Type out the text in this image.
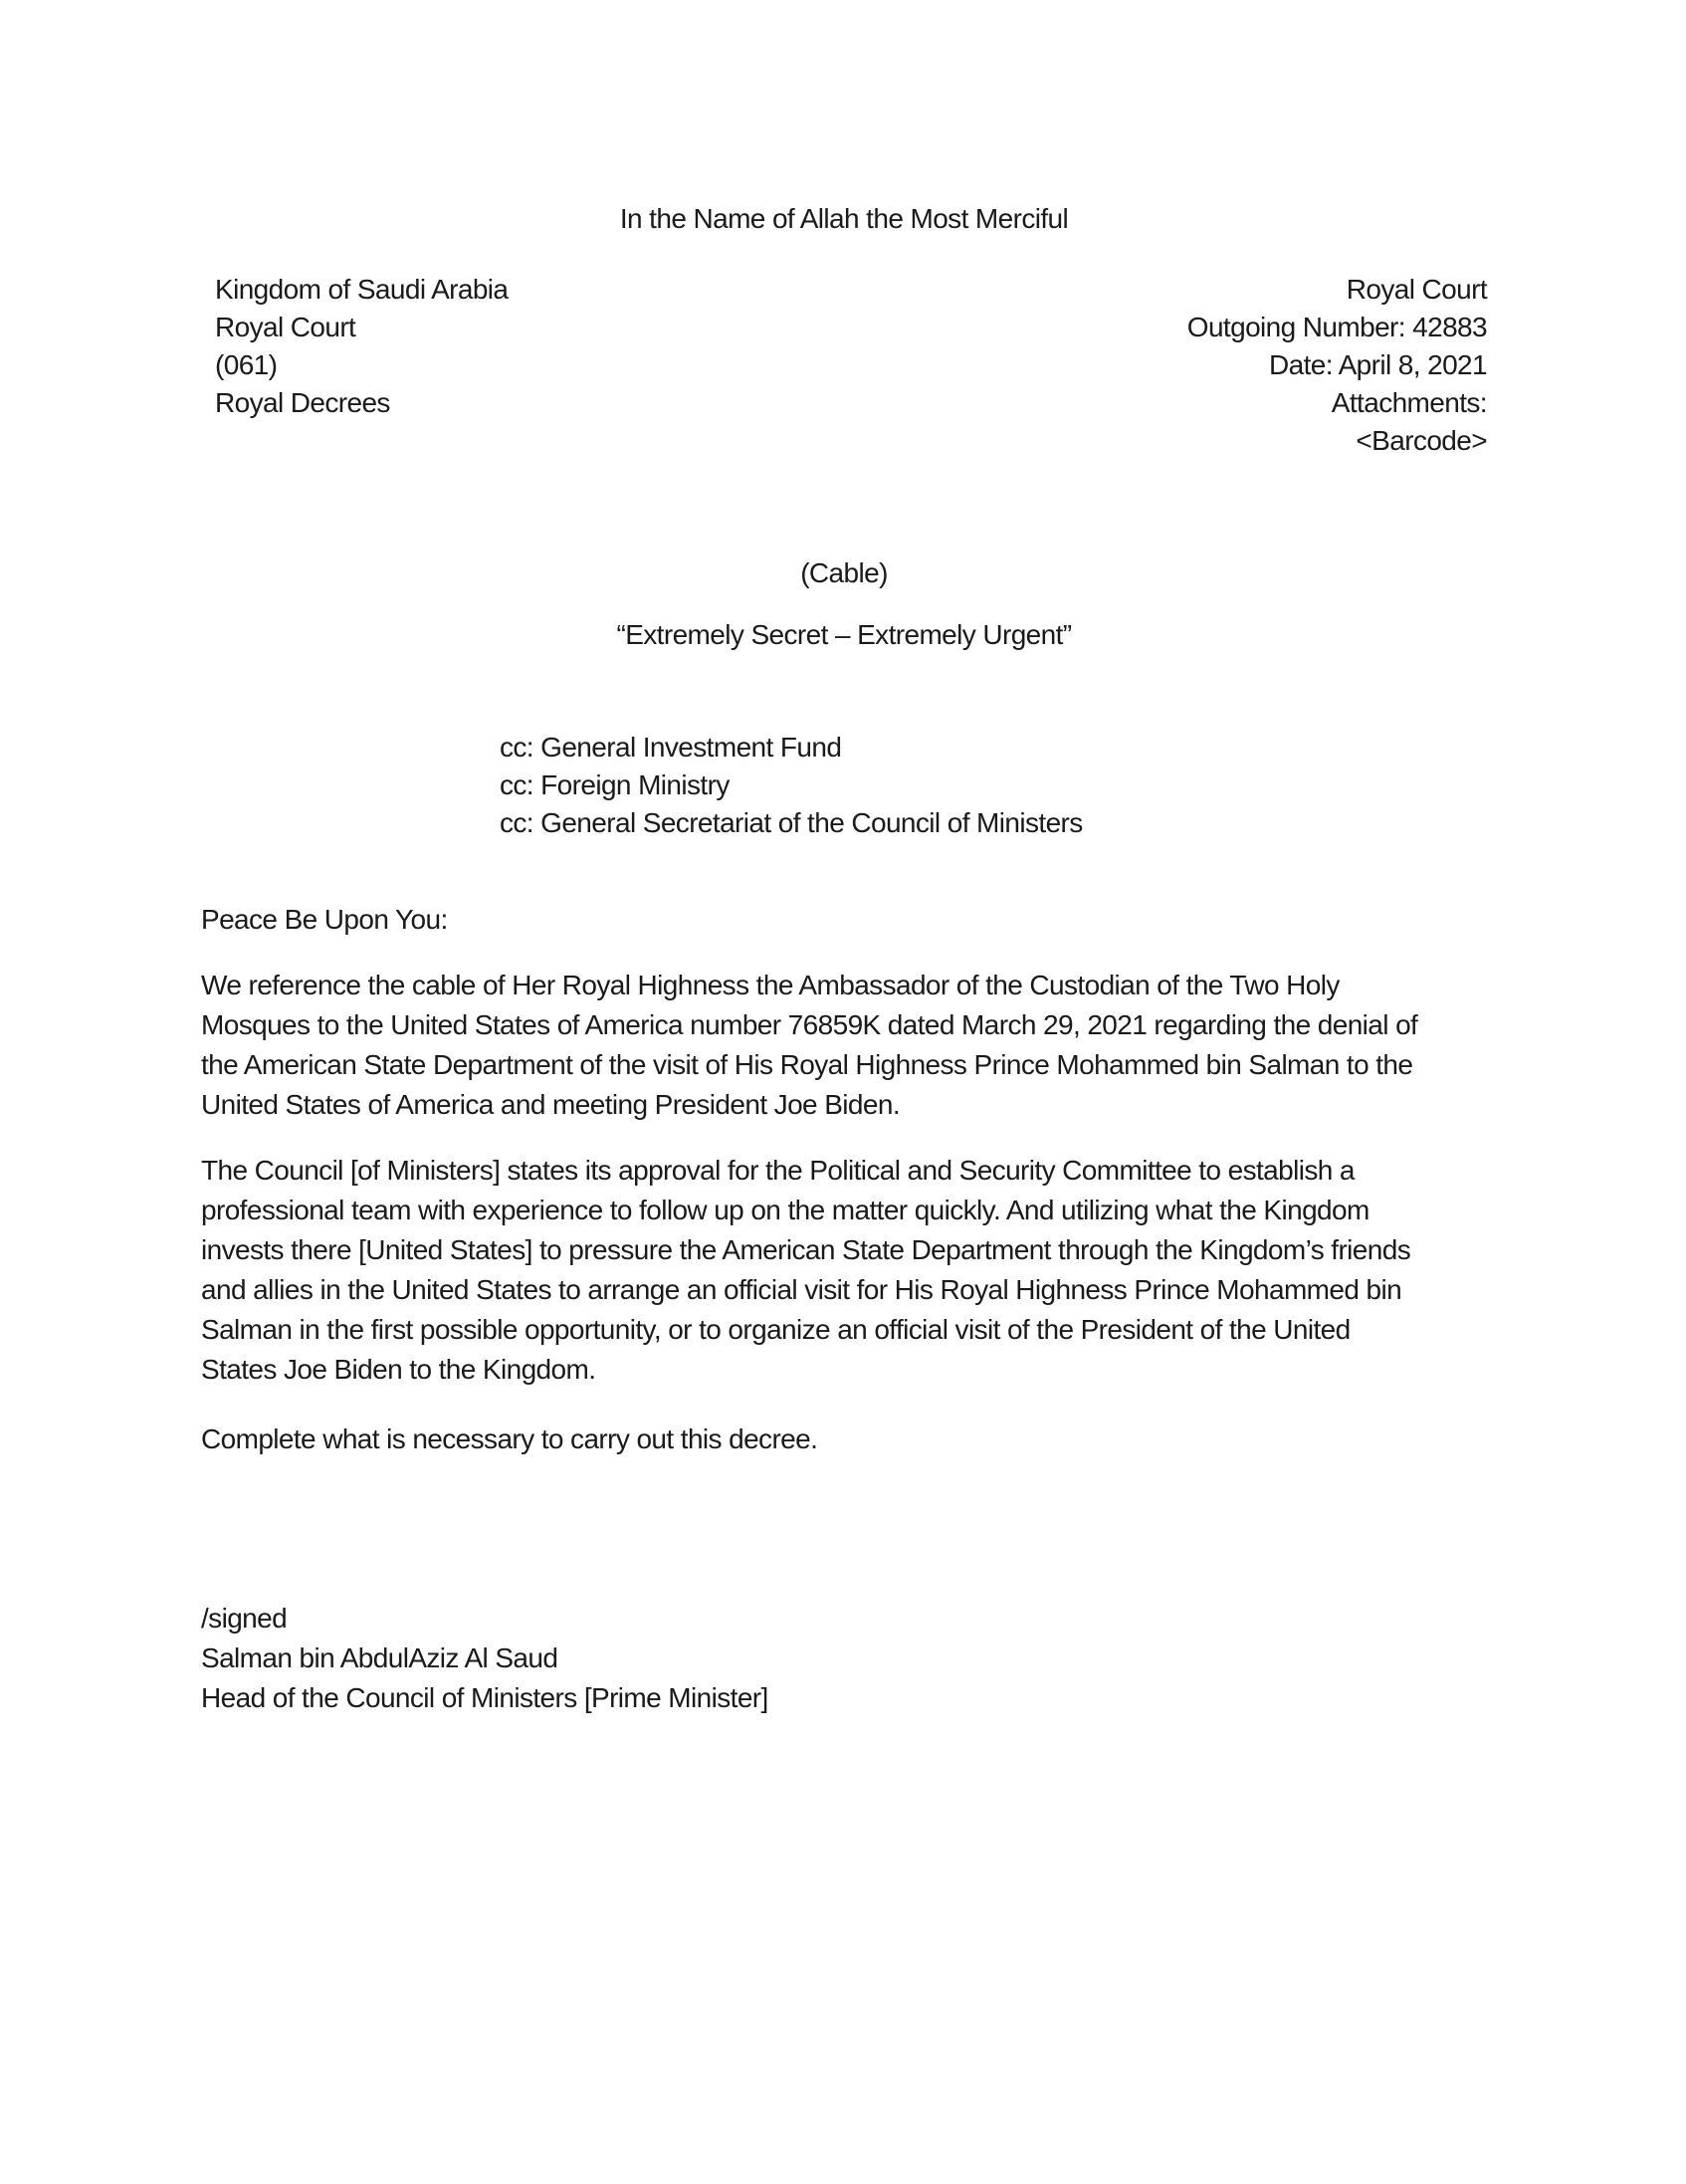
In the Name of Allah the Most Merciful
Kingdom of Saudi Arabia
Royal Court
(061)
Royal Decrees
Royal Court
Outgoing Number: 42883
Date: April 8, 2021
Attachments:
<Barcode>
(Cable)
“Extremely Secret – Extremely Urgent”
cc: General Investment Fund
cc: Foreign Ministry
cc: General Secretariat of the Council of Ministers
Peace Be Upon You:
We reference the cable of Her Royal Highness the Ambassador of the Custodian of the Two Holy
Mosques to the United States of America number 76859K dated March 29, 2021 regarding the denial of
the American State Department of the visit of His Royal Highness Prince Mohammed bin Salman to the
United States of America and meeting President Joe Biden.
The Council [of Ministers] states its approval for the Political and Security Committee to establish a
professional team with experience to follow up on the matter quickly. And utilizing what the Kingdom
invests there [United States] to pressure the American State Department through the Kingdom’s friends
and allies in the United States to arrange an official visit for His Royal Highness Prince Mohammed bin
Salman in the first possible opportunity, or to organize an official visit of the President of the United
States Joe Biden to the Kingdom.
Complete what is necessary to carry out this decree.
/signed
Salman bin AbdulAziz Al Saud
Head of the Council of Ministers [Prime Minister]
